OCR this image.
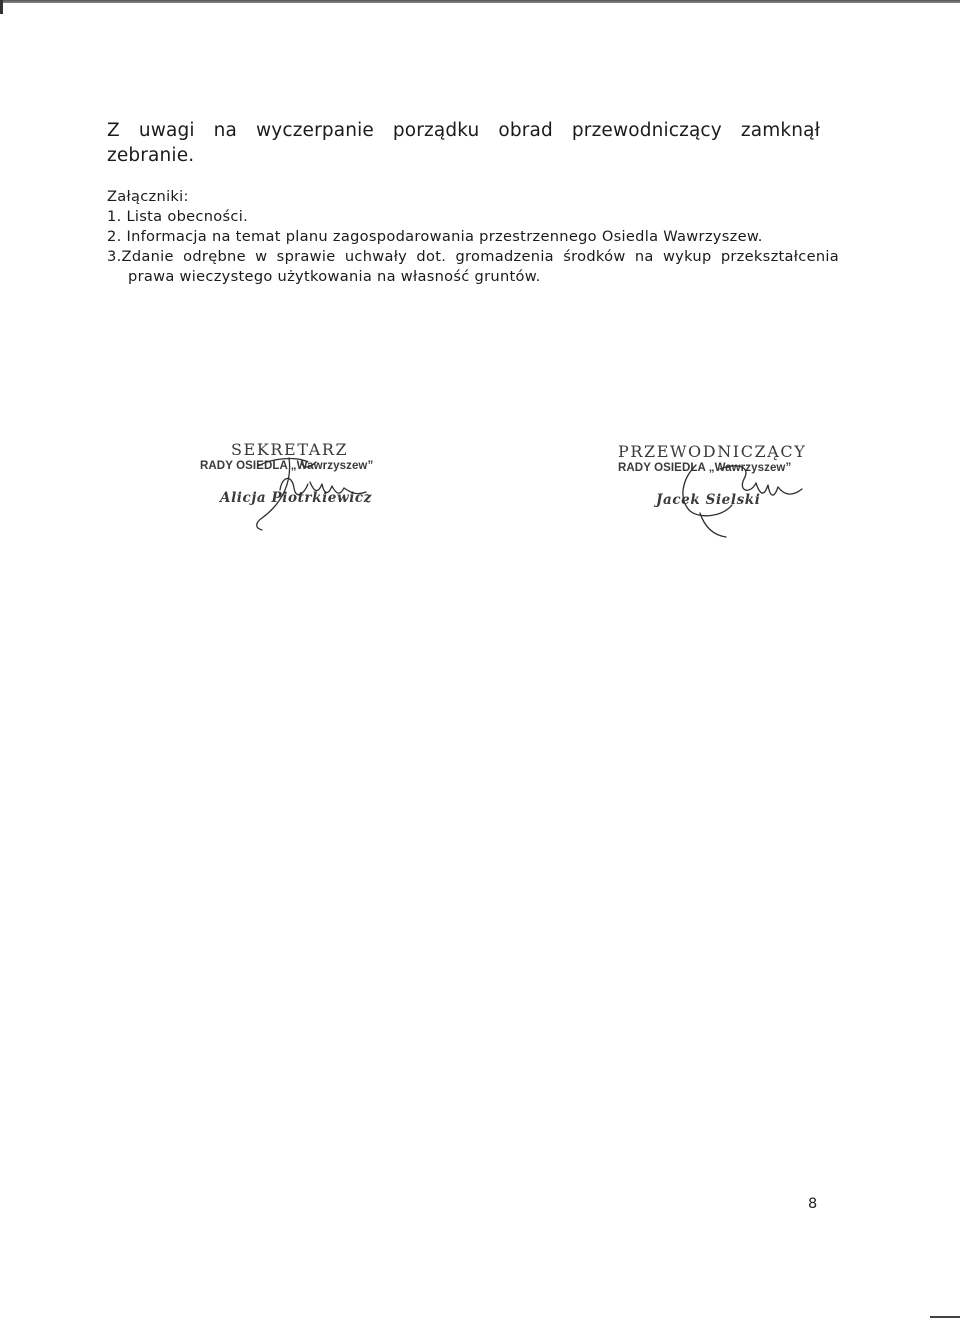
Z uwagi na wyczerpanie porządku obrad przewodniczący zamknął zebranie.

Załączniki:

1. Lista obecności.

2. Informacja na temat planu zagospodarowania przestrzennego Osiedla Wawrzyszew.

3.Zdanie odrębne w sprawie uchwały dot. gromadzenia środków na wykup przekształcenia prawa wieczystego użytkowania na własność gruntów.

SEKRETARZ
RADY OSIEDLA „Wawrzyszew”
Alicja Piotrkiewicz
PRZEWODNICZĄCY
RADY OSIEDLA „Wawrzyszew”
Jacek Sielski
8
